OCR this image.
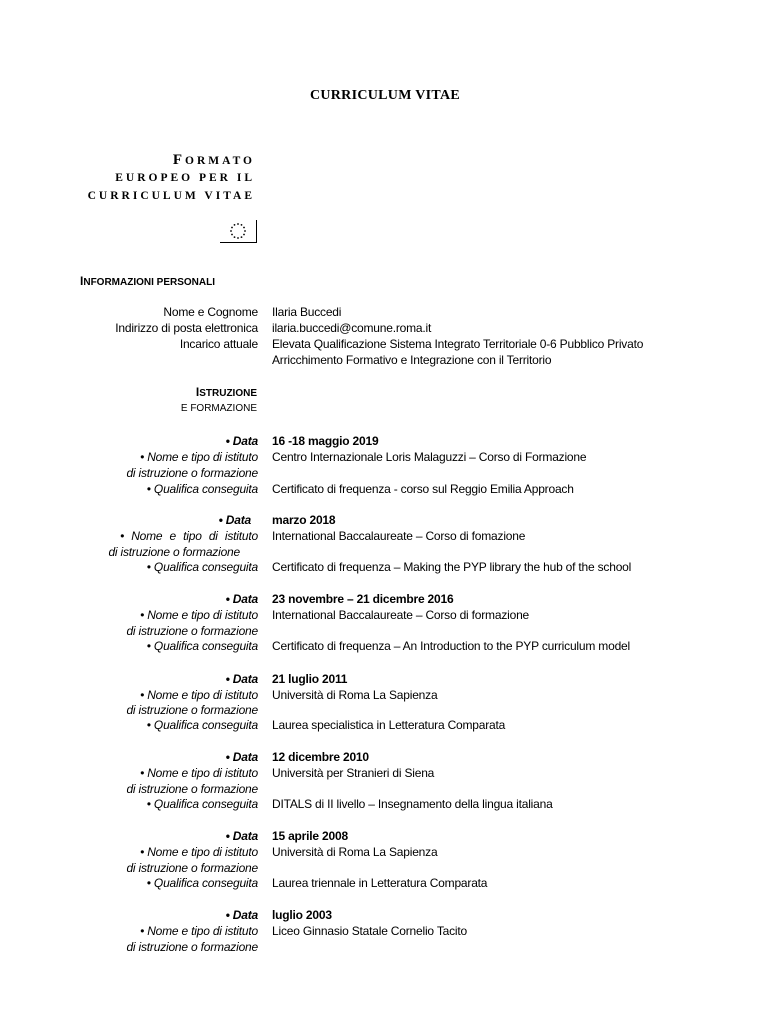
CURRICULUM VITAE
FORMATO
EUROPEO PER IL
CURRICULUM VITAE
INFORMAZIONI PERSONALI
Nome e Cognome Ilaria Buccedi
Indirizzo di posta elettronica ilaria.buccedi@comune.roma.it
Incarico attuale Elevata Qualificazione Sistema Integrato Territoriale 0-6 Pubblico Privato
Arricchimento Formativo e Integrazione con il Territorio
ISTRUZIONE
E FORMAZIONE
• Data 16 -18 maggio 2019
• Nome e tipo di istituto Centro Internazionale Loris Malaguzzi – Corso di Formazione
di istruzione o formazione
• Qualifica conseguita Certificato di frequenza - corso sul Reggio Emilia Approach
• Data marzo 2018
• Nome e tipo di istituto International Baccalaureate – Corso di fomazione
di istruzione o formazione
• Qualifica conseguita Certificato di frequenza – Making the PYP library the hub of the school
• Data 23 novembre – 21 dicembre 2016
• Nome e tipo di istituto International Baccalaureate – Corso di formazione
di istruzione o formazione
• Qualifica conseguita Certificato di frequenza – An Introduction to the PYP curriculum model
• Data 21 luglio 2011
• Nome e tipo di istituto Università di Roma La Sapienza
di istruzione o formazione
• Qualifica conseguita Laurea specialistica in Letteratura Comparata
• Data 12 dicembre 2010
• Nome e tipo di istituto Università per Stranieri di Siena
di istruzione o formazione
• Qualifica conseguita DITALS di II livello – Insegnamento della lingua italiana
• Data 15 aprile 2008
• Nome e tipo di istituto Università di Roma La Sapienza
di istruzione o formazione
• Qualifica conseguita Laurea triennale in Letteratura Comparata
• Data luglio 2003
• Nome e tipo di istituto Liceo Ginnasio Statale Cornelio Tacito
di istruzione o formazione
